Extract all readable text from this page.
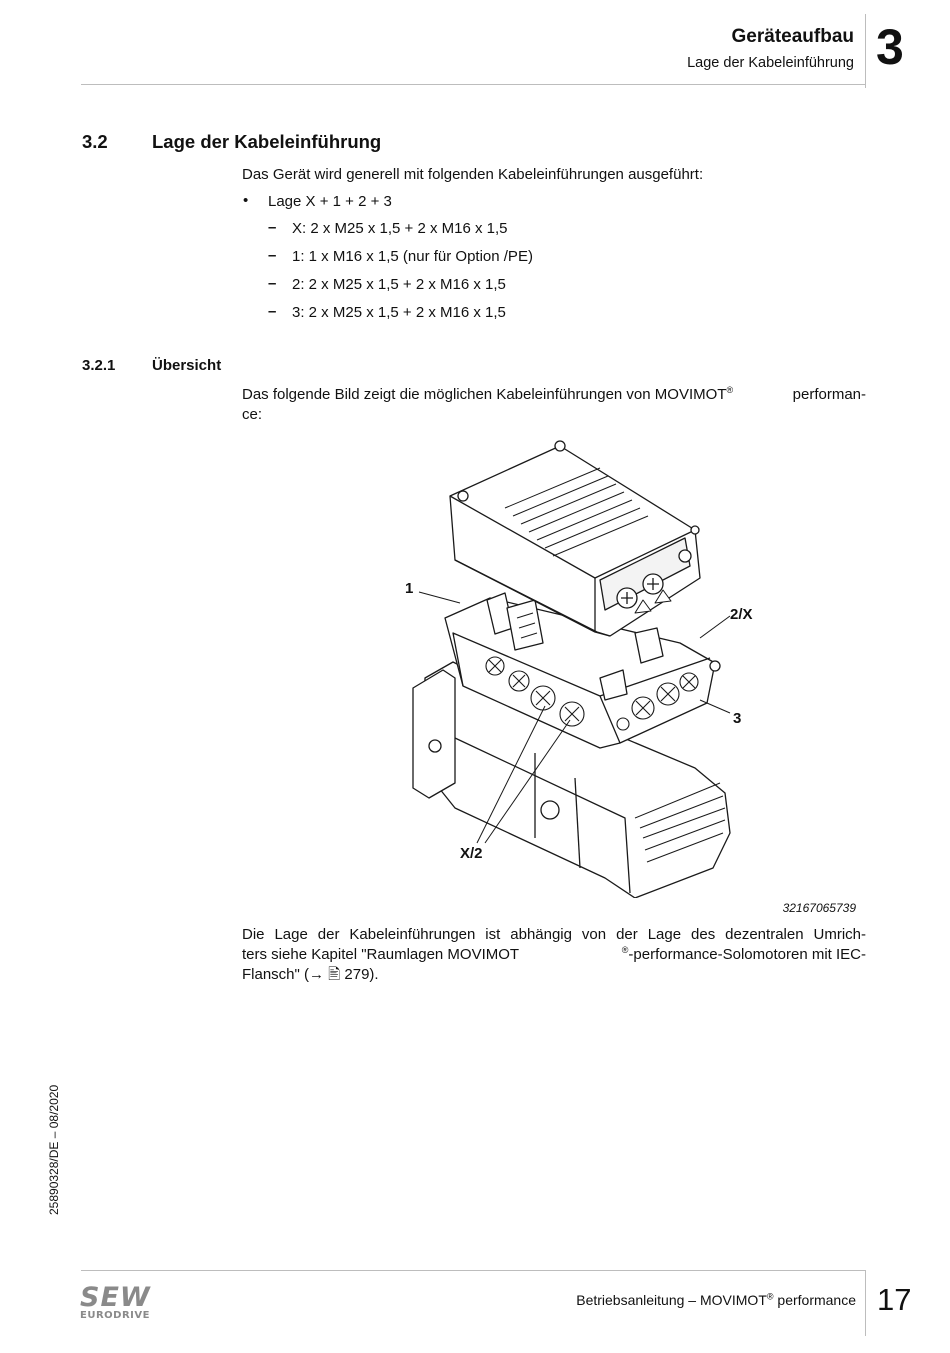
Geräteaufbau
Lage der Kabeleinführung 3
3.2 Lage der Kabeleinführung
Das Gerät wird generell mit folgenden Kabeleinführungen ausgeführt:
• Lage X + 1 + 2 + 3
– X: 2 x M25 x 1,5 + 2 x M16 x 1,5
– 1: 1 x M16 x 1,5 (nur für Option /PE)
– 2: 2 x M25 x 1,5 + 2 x M16 x 1,5
– 3: 2 x M25 x 1,5 + 2 x M16 x 1,5
3.2.1 Übersicht
Das folgende Bild zeigt die möglichen Kabeleinführungen von MOVIMOT®	performan-
ce:
1
2/X
3
X/2
32167065739
Die Lage der Kabeleinführungen ist abhängig von der Lage des dezentralen Umrich-
ters siehe Kapitel "Raumlagen MOVIMOT	®-performance-Solomotoren mit IEC-
Flansch" (→ 🖹 279).
25890328/DE – 08/2020
SEW
EURODRIVE
Betriebsanleitung – MOVIMOT® performance 17
